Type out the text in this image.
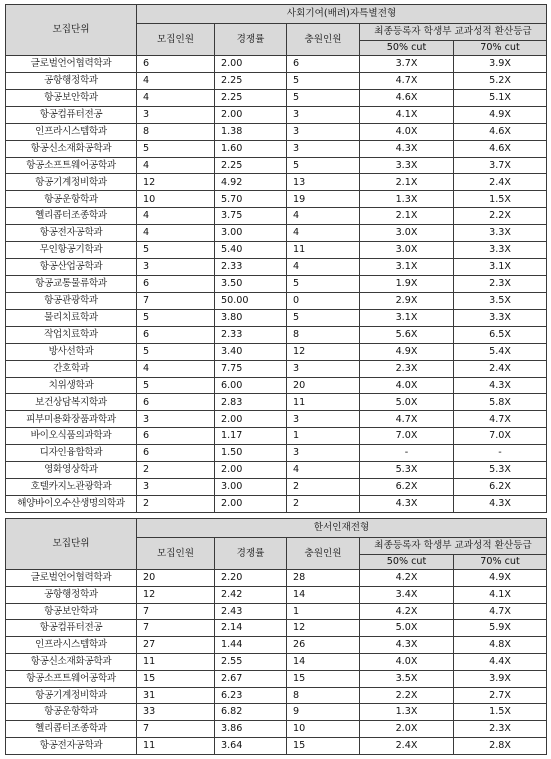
모집단위	사회기여(배려)자특별전형				
	모집인원	경쟁률	충원인원	최종등록자 학생부 교과성적 환산등급	
				50% cut	70% cut
글로벌언어협력학과	6	2.00	6	3.7X	3.9X
공항행정학과	4	2.25	5	4.7X	5.2X
항공보안학과	4	2.25	5	4.6X	5.1X
항공컴퓨터전공	3	2.00	3	4.1X	4.9X
인프라시스템학과	8	1.38	3	4.0X	4.6X
항공신소재화공학과	5	1.60	3	4.3X	4.6X
항공소프트웨어공학과	4	2.25	5	3.3X	3.7X
항공기계정비학과	12	4.92	13	2.1X	2.4X
항공운항학과	10	5.70	19	1.3X	1.5X
헬리콥터조종학과	4	3.75	4	2.1X	2.2X
항공전자공학과	4	3.00	4	3.0X	3.3X
무인항공기학과	5	5.40	11	3.0X	3.3X
항공산업공학과	3	2.33	4	3.1X	3.1X
항공교통물류학과	6	3.50	5	1.9X	2.3X
항공관광학과	7	50.00	0	2.9X	3.5X
물리치료학과	5	3.80	5	3.1X	3.3X
작업치료학과	6	2.33	8	5.6X	6.5X
방사선학과	5	3.40	12	4.9X	5.4X
간호학과	4	7.75	3	2.3X	2.4X
치위생학과	5	6.00	20	4.0X	4.3X
보건상담복지학과	6	2.83	11	5.0X	5.8X
피부미용화장품과학과	3	2.00	3	4.7X	4.7X
바이오식품의과학과	6	1.17	1	7.0X	7.0X
디자인융합학과	6	1.50	3	-	-
영화영상학과	2	2.00	4	5.3X	5.3X
호텔카지노관광학과	3	3.00	2	6.2X	6.2X
해양바이오수산생명의학과	2	2.00	2	4.3X	4.3X
모집단위	한서인재전형				
	모집인원	경쟁률	충원인원	최종등록자 학생부 교과성적 환산등급	
				50% cut	70% cut
글로벌언어협력학과	20	2.20	28	4.2X	4.9X
공항행정학과	12	2.42	14	3.4X	4.1X
항공보안학과	7	2.43	1	4.2X	4.7X
항공컴퓨터전공	7	2.14	12	5.0X	5.9X
인프라시스템학과	27	1.44	26	4.3X	4.8X
항공신소재화공학과	11	2.55	14	4.0X	4.4X
항공소프트웨어공학과	15	2.67	15	3.5X	3.9X
항공기계정비학과	31	6.23	8	2.2X	2.7X
항공운항학과	33	6.82	9	1.3X	1.5X
헬리콥터조종학과	7	3.86	10	2.0X	2.3X
항공전자공학과	11	3.64	15	2.4X	2.8X
